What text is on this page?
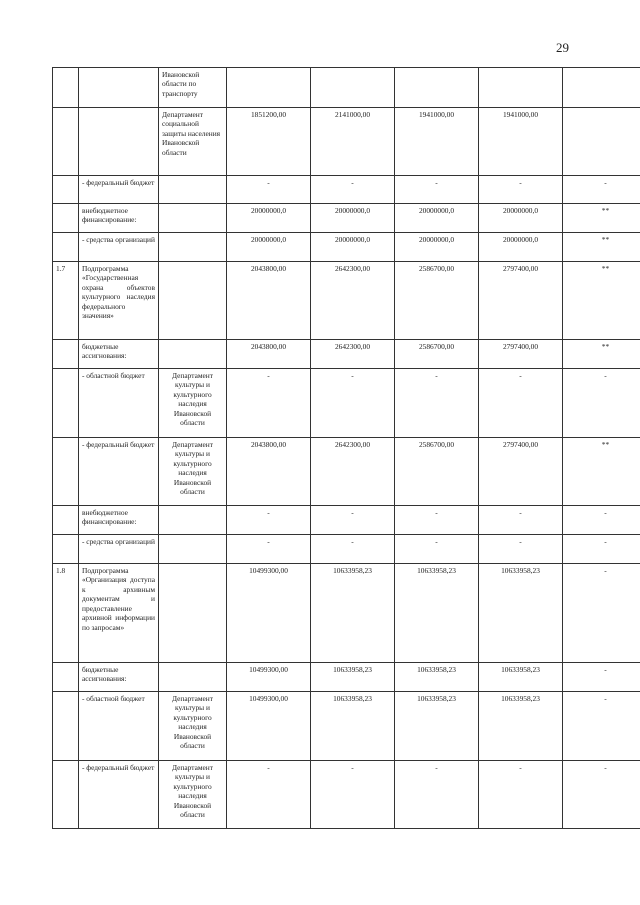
29
		Ивановской области по транспорту					
		Департамент социальной защиты населения Ивановской области	1851200,00	2141000,00	1941000,00	1941000,00	
	- федеральный бюджет		-	-	-	-	-
	внебюджетное финансирование:		20000000,0	20000000,0	20000000,0	20000000,0	**
	- средства организаций		20000000,0	20000000,0	20000000,0	20000000,0	**
1.7	Подпрограмма «Государственная охрана объектов культурного наследия федерального значения»		2043800,00	2642300,00	2586700,00	2797400,00	**
	бюджетные ассигнования:		2043800,00	2642300,00	2586700,00	2797400,00	**
	- областной бюджет	Департамент культуры и культурного наследия Ивановской области	-	-	-	-	-
	- федеральный бюджет	Департамент культуры и культурного наследия Ивановской области	2043800,00	2642300,00	2586700,00	2797400,00	**
	внебюджетное финансирование:		-	-	-	-	-
	- средства организаций		-	-	-	-	-
1.8	Подпрограмма «Организация доступа к архивным документам и предоставление архивной информации по запросам»		10499300,00	10633958,23	10633958,23	10633958,23	-
	бюджетные ассигнования:		10499300,00	10633958,23	10633958,23	10633958,23	-
	- областной бюджет	Департамент культуры и культурного наследия Ивановской области	10499300,00	10633958,23	10633958,23	10633958,23	-
	- федеральный бюджет	Департамент культуры и культурного наследия Ивановской области	-	-	-	-	-
